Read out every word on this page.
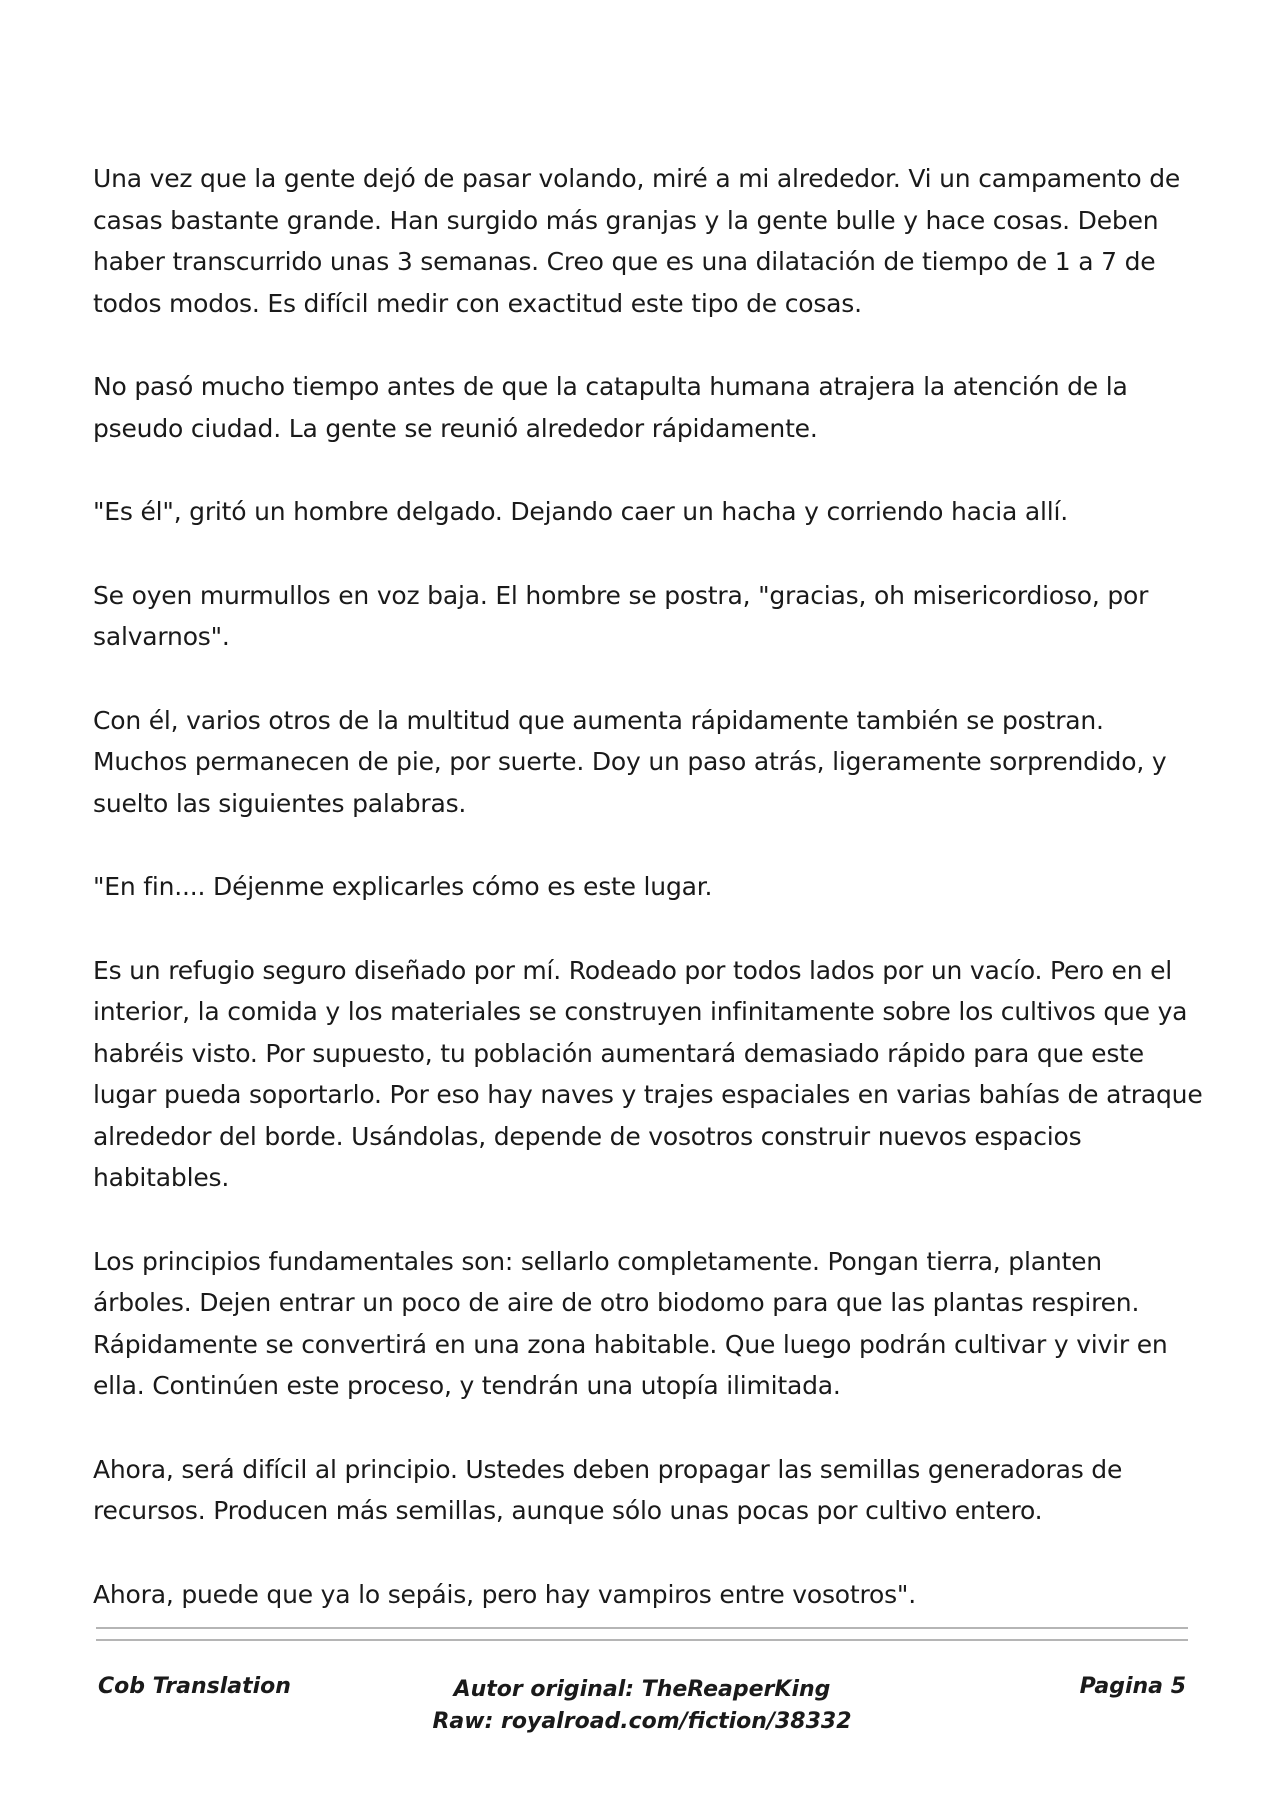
Una vez que la gente dejó de pasar volando, miré a mi alrededor. Vi un campamento de casas bastante grande. Han surgido más granjas y la gente bulle y hace cosas. Deben haber transcurrido unas 3 semanas. Creo que es una dilatación de tiempo de 1 a 7 de todos modos. Es difícil medir con exactitud este tipo de cosas.

No pasó mucho tiempo antes de que la catapulta humana atrajera la atención de la pseudo ciudad. La gente se reunió alrededor rápidamente.

"Es él", gritó un hombre delgado. Dejando caer un hacha y corriendo hacia allí.

Se oyen murmullos en voz baja. El hombre se postra, "gracias, oh misericordioso, por salvarnos".

Con él, varios otros de la multitud que aumenta rápidamente también se postran. Muchos permanecen de pie, por suerte. Doy un paso atrás, ligeramente sorprendido, y suelto las siguientes palabras.

"En fin.... Déjenme explicarles cómo es este lugar.

Es un refugio seguro diseñado por mí. Rodeado por todos lados por un vacío. Pero en el interior, la comida y los materiales se construyen infinitamente sobre los cultivos que ya habréis visto. Por supuesto, tu población aumentará demasiado rápido para que este lugar pueda soportarlo. Por eso hay naves y trajes espaciales en varias bahías de atraque alrededor del borde. Usándolas, depende de vosotros construir nuevos espacios habitables.

Los principios fundamentales son: sellarlo completamente. Pongan tierra, planten árboles. Dejen entrar un poco de aire de otro biodomo para que las plantas respiren. Rápidamente se convertirá en una zona habitable. Que luego podrán cultivar y vivir en ella. Continúen este proceso, y tendrán una utopía ilimitada.

Ahora, será difícil al principio. Ustedes deben propagar las semillas generadoras de recursos. Producen más semillas, aunque sólo unas pocas por cultivo entero.

Ahora, puede que ya lo sepáis, pero hay vampiros entre vosotros".

Cob Translation	Autor original: TheReaperKing
Raw: royalroad.com/fiction/38332
Pagina 5
